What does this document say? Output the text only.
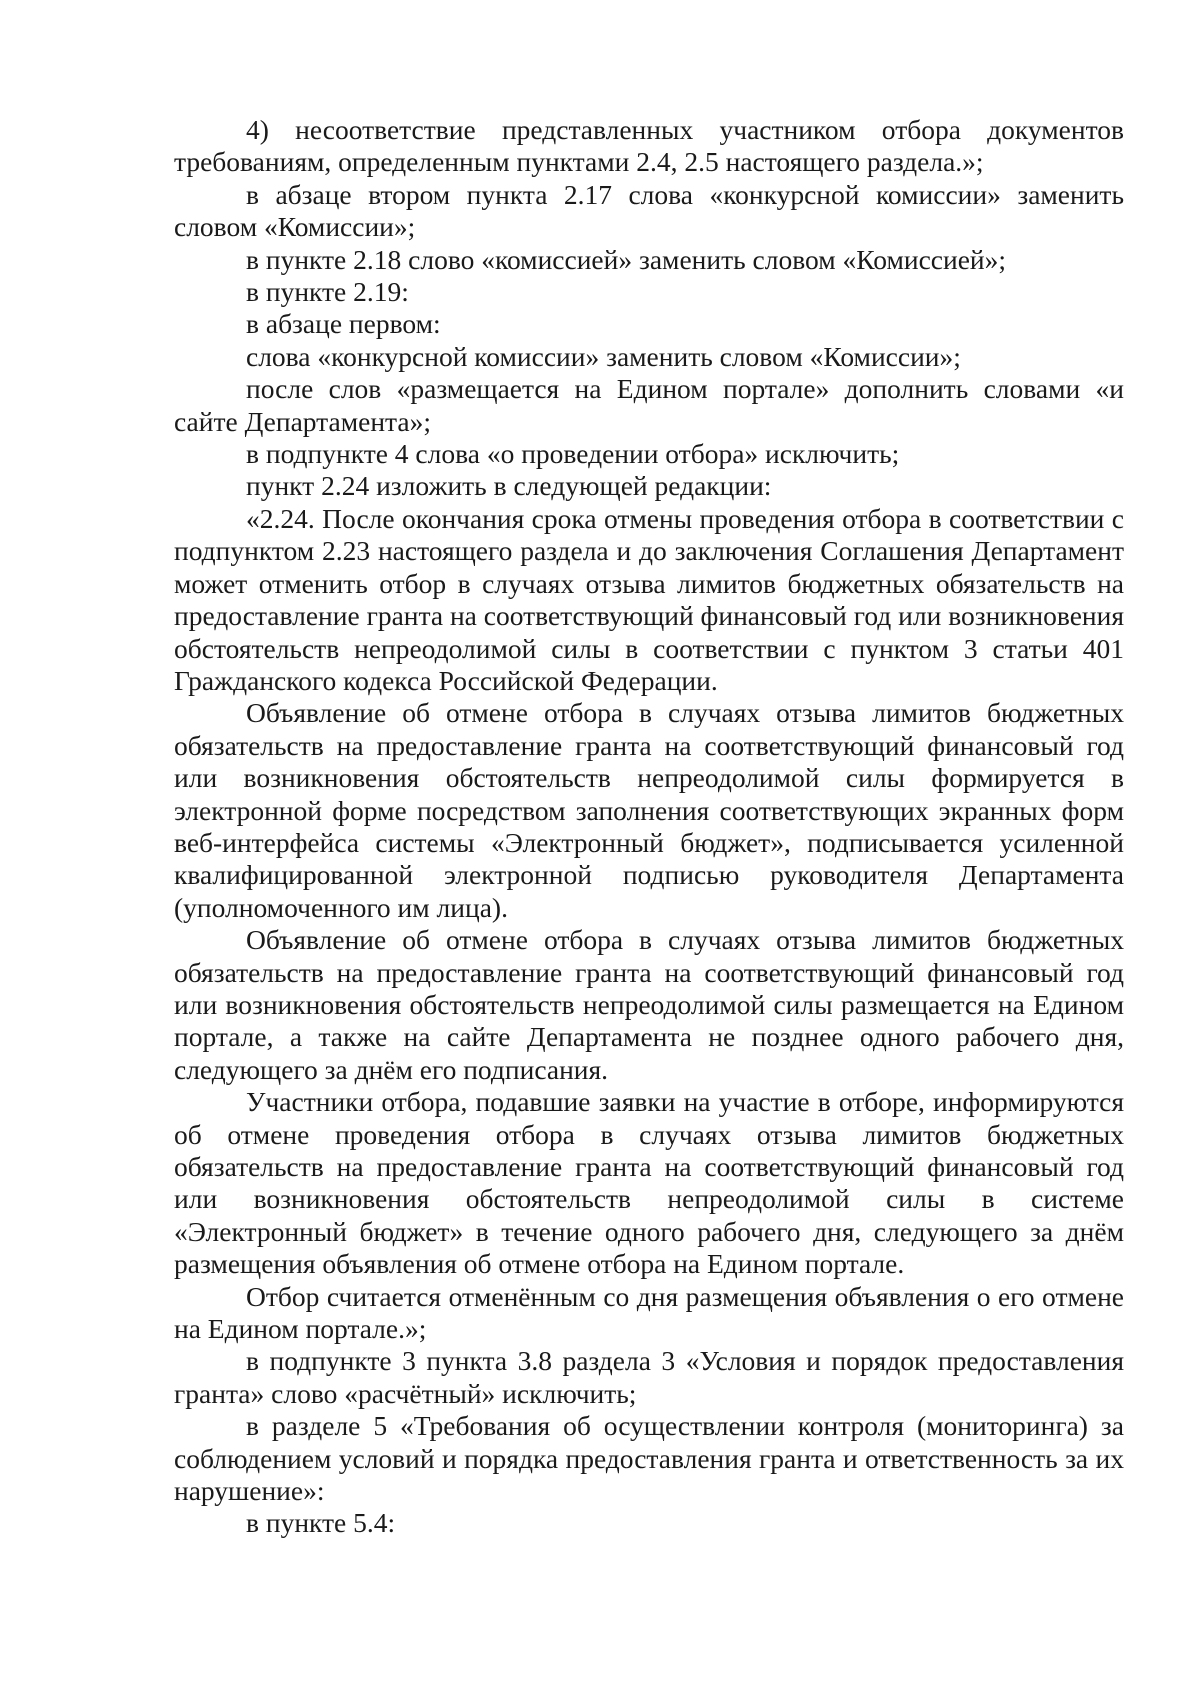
4) несоответствие представленных участником отбора документов требованиям, определенным пунктами 2.4, 2.5 настоящего раздела.»;

в абзаце втором пункта 2.17 слова «конкурсной комиссии» заменить словом «Комиссии»;

в пункте 2.18 слово «комиссией» заменить словом «Комиссией»;

в пункте 2.19:

в абзаце первом:

слова «конкурсной комиссии» заменить словом «Комиссии»;

после слов «размещается на Едином портале» дополнить словами «и сайте Департамента»;

в подпункте 4 слова «о проведении отбора» исключить;

пункт 2.24 изложить в следующей редакции:

«2.24. После окончания срока отмены проведения отбора в соответствии с подпунктом 2.23 настоящего раздела и до заключения Соглашения Департамент может отменить отбор в случаях отзыва лимитов бюджетных обязательств на предоставление гранта на соответствующий финансовый год или возникновения обстоятельств непреодолимой силы в соответствии с пунктом 3 статьи 401 Гражданского кодекса Российской Федерации.

Объявление об отмене отбора в случаях отзыва лимитов бюджетных обязательств на предоставление гранта на соответствующий финансовый год или возникновения обстоятельств непреодолимой силы формируется в электронной форме посредством заполнения соответствующих экранных форм веб-интерфейса системы «Электронный бюджет», подписывается усиленной квалифицированной электронной подписью руководителя Департамента (уполномоченного им лица).

Объявление об отмене отбора в случаях отзыва лимитов бюджетных обязательств на предоставление гранта на соответствующий финансовый год или возникновения обстоятельств непреодолимой силы размещается на Едином портале, а также на сайте Департамента не позднее одного рабочего дня, следующего за днём его подписания.

Участники отбора, подавшие заявки на участие в отборе, информируются об отмене проведения отбора в случаях отзыва лимитов бюджетных обязательств на предоставление гранта на соответствующий финансовый год или возникновения обстоятельств непреодолимой силы в системе «Электронный бюджет» в течение одного рабочего дня, следующего за днём размещения объявления об отмене отбора на Едином портале.

Отбор считается отменённым со дня размещения объявления о его отмене на Едином портале.»;

в подпункте 3 пункта 3.8 раздела 3 «Условия и порядок предоставления гранта» слово «расчётный» исключить;

в разделе 5 «Требования об осуществлении контроля (мониторинга) за соблюдением условий и порядка предоставления гранта и ответственность за их нарушение»:

в пункте 5.4:
